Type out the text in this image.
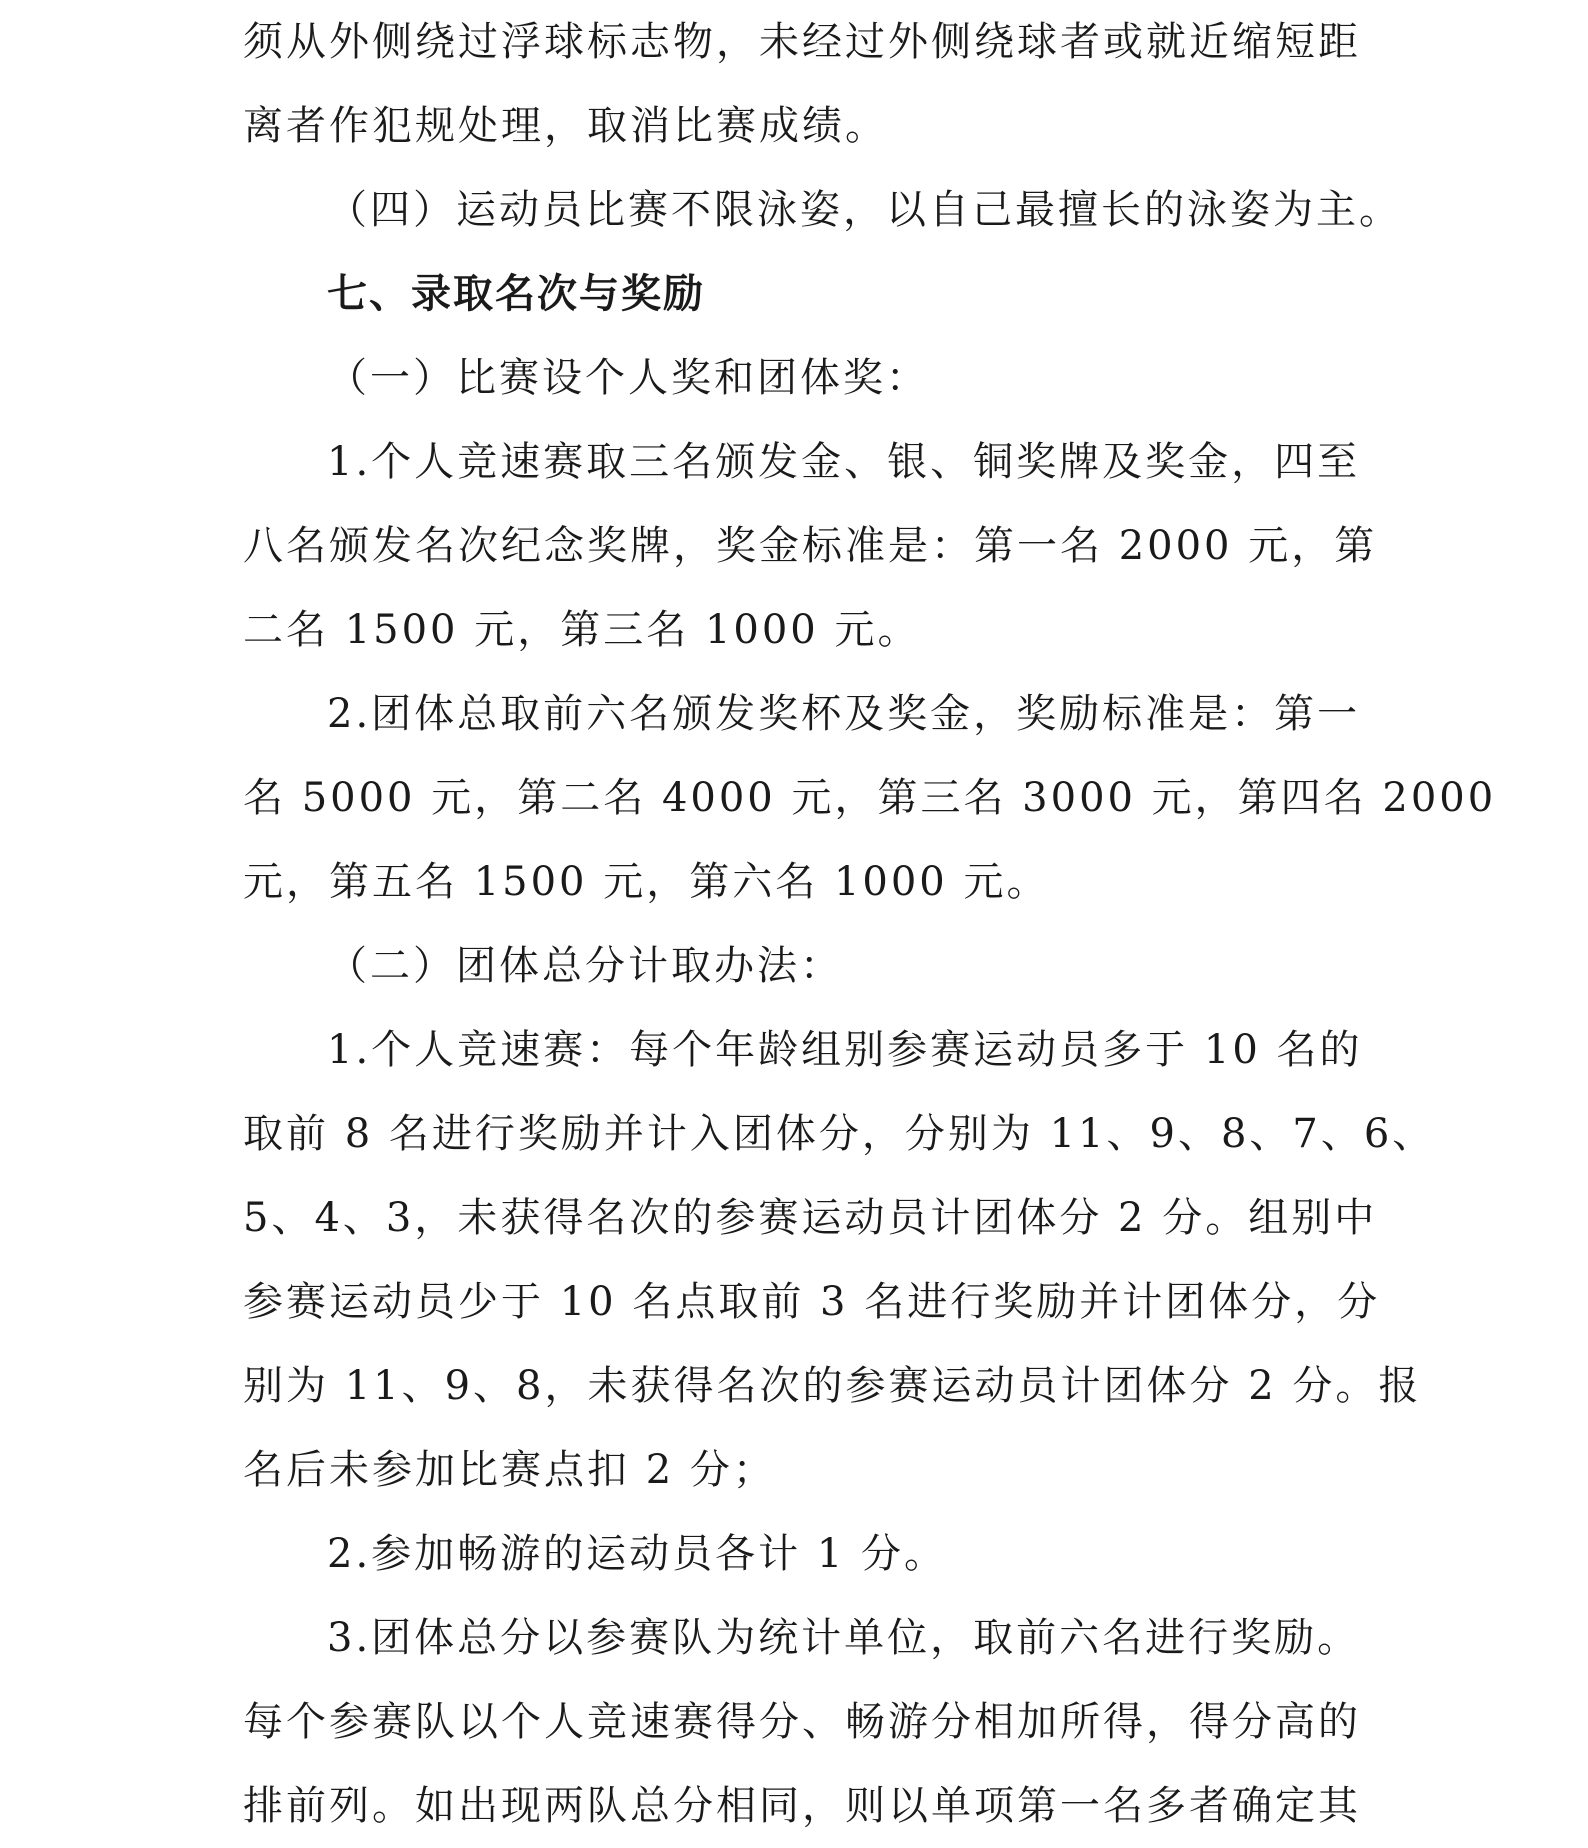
须从外侧绕过浮球标志物，未经过外侧绕球者或就近缩短距
离者作犯规处理，取消比赛成绩。
（四）运动员比赛不限泳姿，以自己最擅长的泳姿为主。
七、录取名次与奖励
（一）比赛设个人奖和团体奖：
1.个人竞速赛取三名颁发金、银、铜奖牌及奖金，四至
八名颁发名次纪念奖牌，奖金标准是：第一名 2000 元，第
二名 1500 元，第三名 1000 元。
2.团体总取前六名颁发奖杯及奖金，奖励标准是：第一
名 5000 元，第二名 4000 元，第三名 3000 元，第四名 2000
元，第五名 1500 元，第六名 1000 元。
（二）团体总分计取办法：
1.个人竞速赛：每个年龄组别参赛运动员多于 10 名的
取前 8 名进行奖励并计入团体分，分别为 11、9、8、7、6、
5、4、3，未获得名次的参赛运动员计团体分 2 分。组别中
参赛运动员少于 10 名点取前 3 名进行奖励并计团体分，分
别为 11、9、8，未获得名次的参赛运动员计团体分 2 分。报
名后未参加比赛点扣 2 分；
2.参加畅游的运动员各计 1 分。
3.团体总分以参赛队为统计单位，取前六名进行奖励。
每个参赛队以个人竞速赛得分、畅游分相加所得，得分高的
排前列。如出现两队总分相同，则以单项第一名多者确定其
